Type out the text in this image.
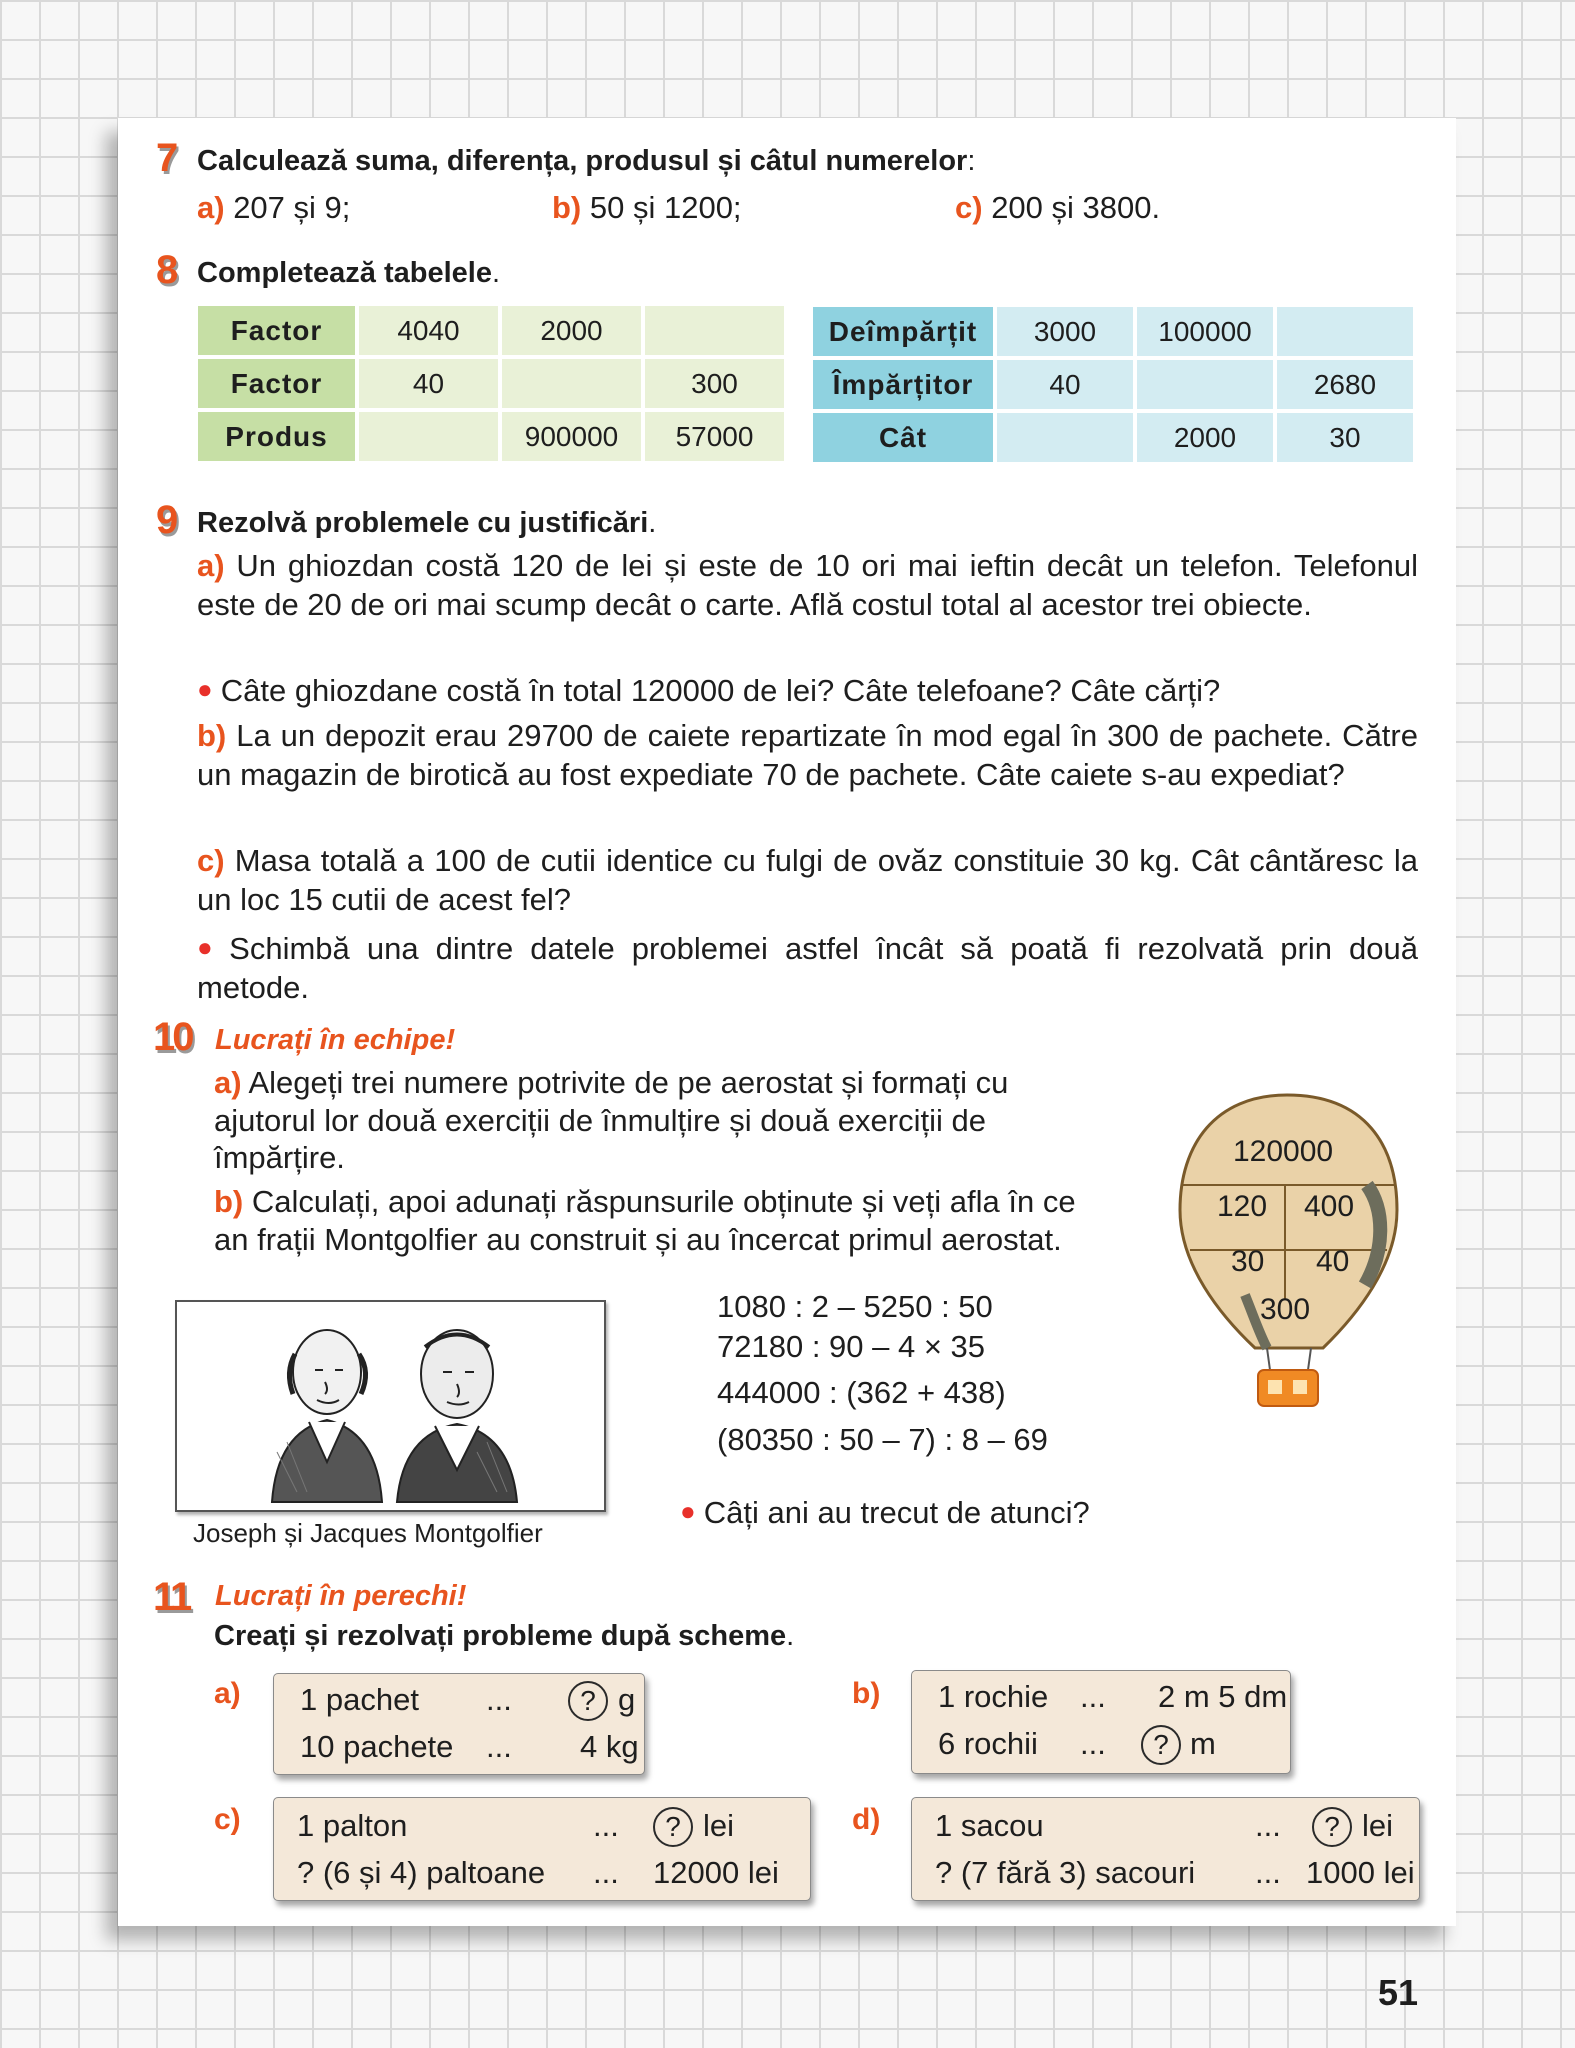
7 Calculează suma, diferența, produsul și câtul numerelor:
a) 207 și 9;	b) 50 și 1200;	c) 200 și 3800.
8 Completează tabelele.
Factor	4040	2000	
Factor	40		300
Produs		900000	57000
Deîmpărțit	3000	100000	
Împărțitor	40		2680
Cât		2000	30
9 Rezolvă problemele cu justificări.
a) Un ghiozdan costă 120 de lei și este de 10 ori mai ieftin decât un telefon. Telefonul este de 20 de ori mai scump decât o carte. Află costul total al acestor trei obiecte.
● Câte ghiozdane costă în total 120000 de lei? Câte telefoane? Câte cărți?
b) La un depozit erau 29700 de caiete repartizate în mod egal în 300 de pachete. Către un magazin de birotică au fost expediate 70 de pachete. Câte caiete s-au expediat?
c) Masa totală a 100 de cutii identice cu fulgi de ovăz constituie 30 kg. Cât cântăresc la un loc 15 cutii de acest fel?
● Schimbă una dintre datele problemei astfel încât să poată fi rezolvată prin două metode.
10 Lucrați în echipe!
a) Alegeți trei numere potrivite de pe aerostat și formați cu ajutorul lor două exerciții de înmulțire și două exerciții de împărțire.
b) Calculați, apoi adunați răspunsurile obținute și veți afla în ce an frații Montgolfier au construit și au încercat primul aerostat.
Joseph și Jacques Montgolfier
1080 : 2 – 5250 : 50
72180 : 90 – 4 × 35
444000 : (362 + 438)
(80350 : 50 – 7) : 8 – 69
● Câți ani au trecut de atunci?
120000
120 400
30 40
300
11 Lucrați în perechi!
Creați și rezolvați probleme după scheme.
a) 1 pachet ...	? g
10 pachete ... 4 kg
b) 1 rochie ... 2 m 5 dm
6 rochii ...	? m
c) 1 palton	...	? lei
? (6 și 4) paltoane ... 12000 lei
d) 1 sacou	...	? lei
? (7 fără 3) sacouri ... 1000 lei
51
